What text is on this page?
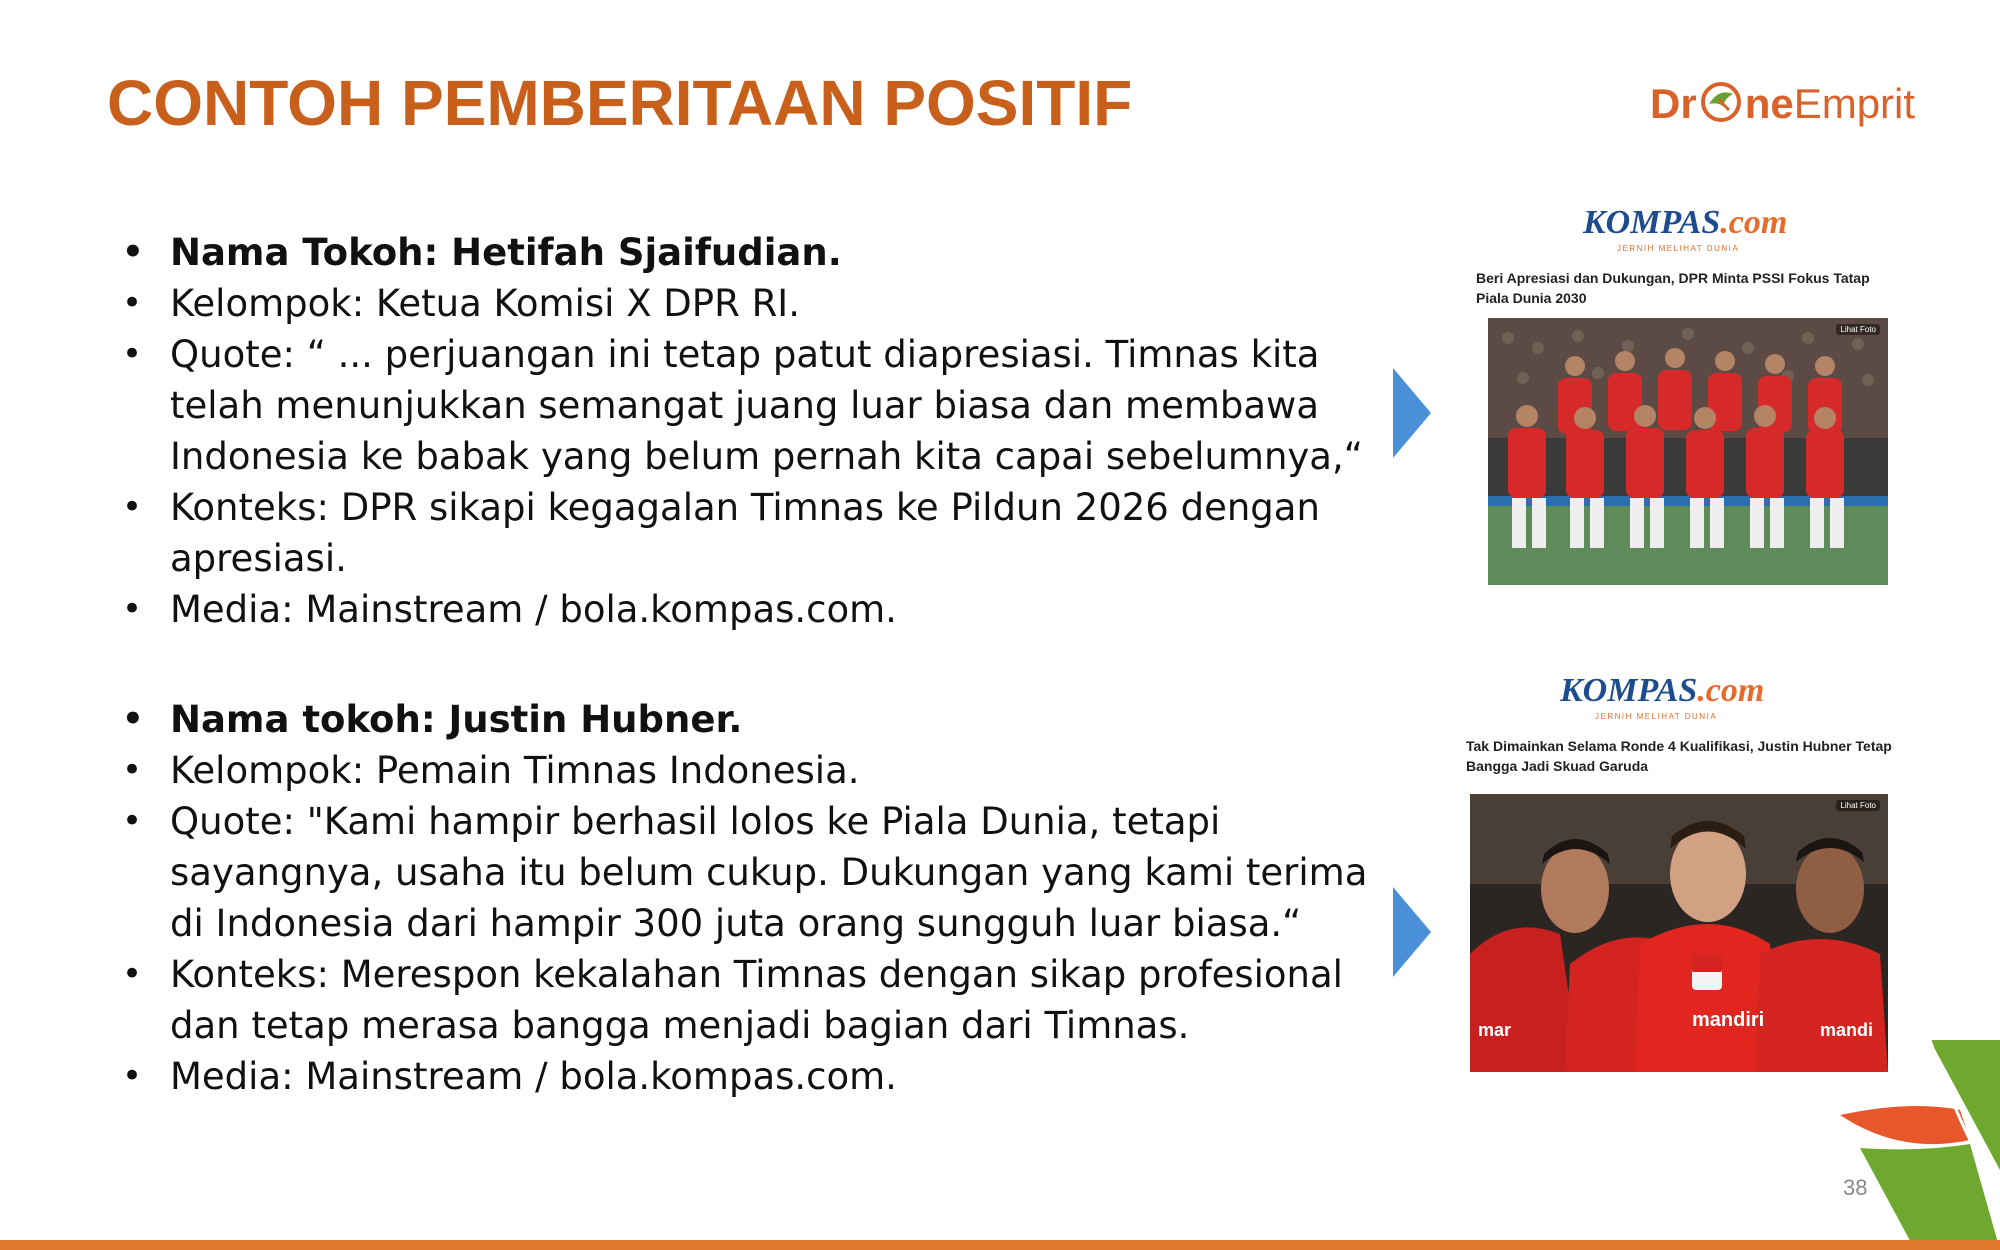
CONTOH PEMBERITAAN POSITIF	Dr neEmprit
• Nama Tokoh: Hetifah Sjaifudian.
• Kelompok: Ketua Komisi X DPR RI.
• Quote: “ ... perjuangan ini tetap patut diapresiasi. Timnas kita telah menunjukkan semangat juang luar biasa dan membawa Indonesia ke babak yang belum pernah kita capai sebelumnya,“
• Konteks: DPR sikapi kegagalan Timnas ke Pildun 2026 dengan apresiasi.
• Media: Mainstream / bola.kompas.com.
• Nama tokoh: Justin Hubner.
• Kelompok: Pemain Timnas Indonesia.
• Quote: "Kami hampir berhasil lolos ke Piala Dunia, tetapi sayangnya, usaha itu belum cukup. Dukungan yang kami terima di Indonesia dari hampir 300 juta orang sungguh luar biasa.“
• Konteks: Merespon kekalahan Timnas dengan sikap profesional dan tetap merasa bangga menjadi bagian dari Timnas.
• Media: Mainstream / bola.kompas.com.
KOMPAS.com
JERNIH MELIHAT DUNIA
Beri Apresiasi dan Dukungan, DPR Minta PSSI Fokus Tatap Piala Dunia 2030
Lihat Foto
KOMPAS.com
JERNIH MELIHAT DUNIA
Tak Dimainkan Selama Ronde 4 Kualifikasi, Justin Hubner Tetap Bangga Jadi Skuad Garuda
mandiri
mar	mandi
Lihat Foto
38
